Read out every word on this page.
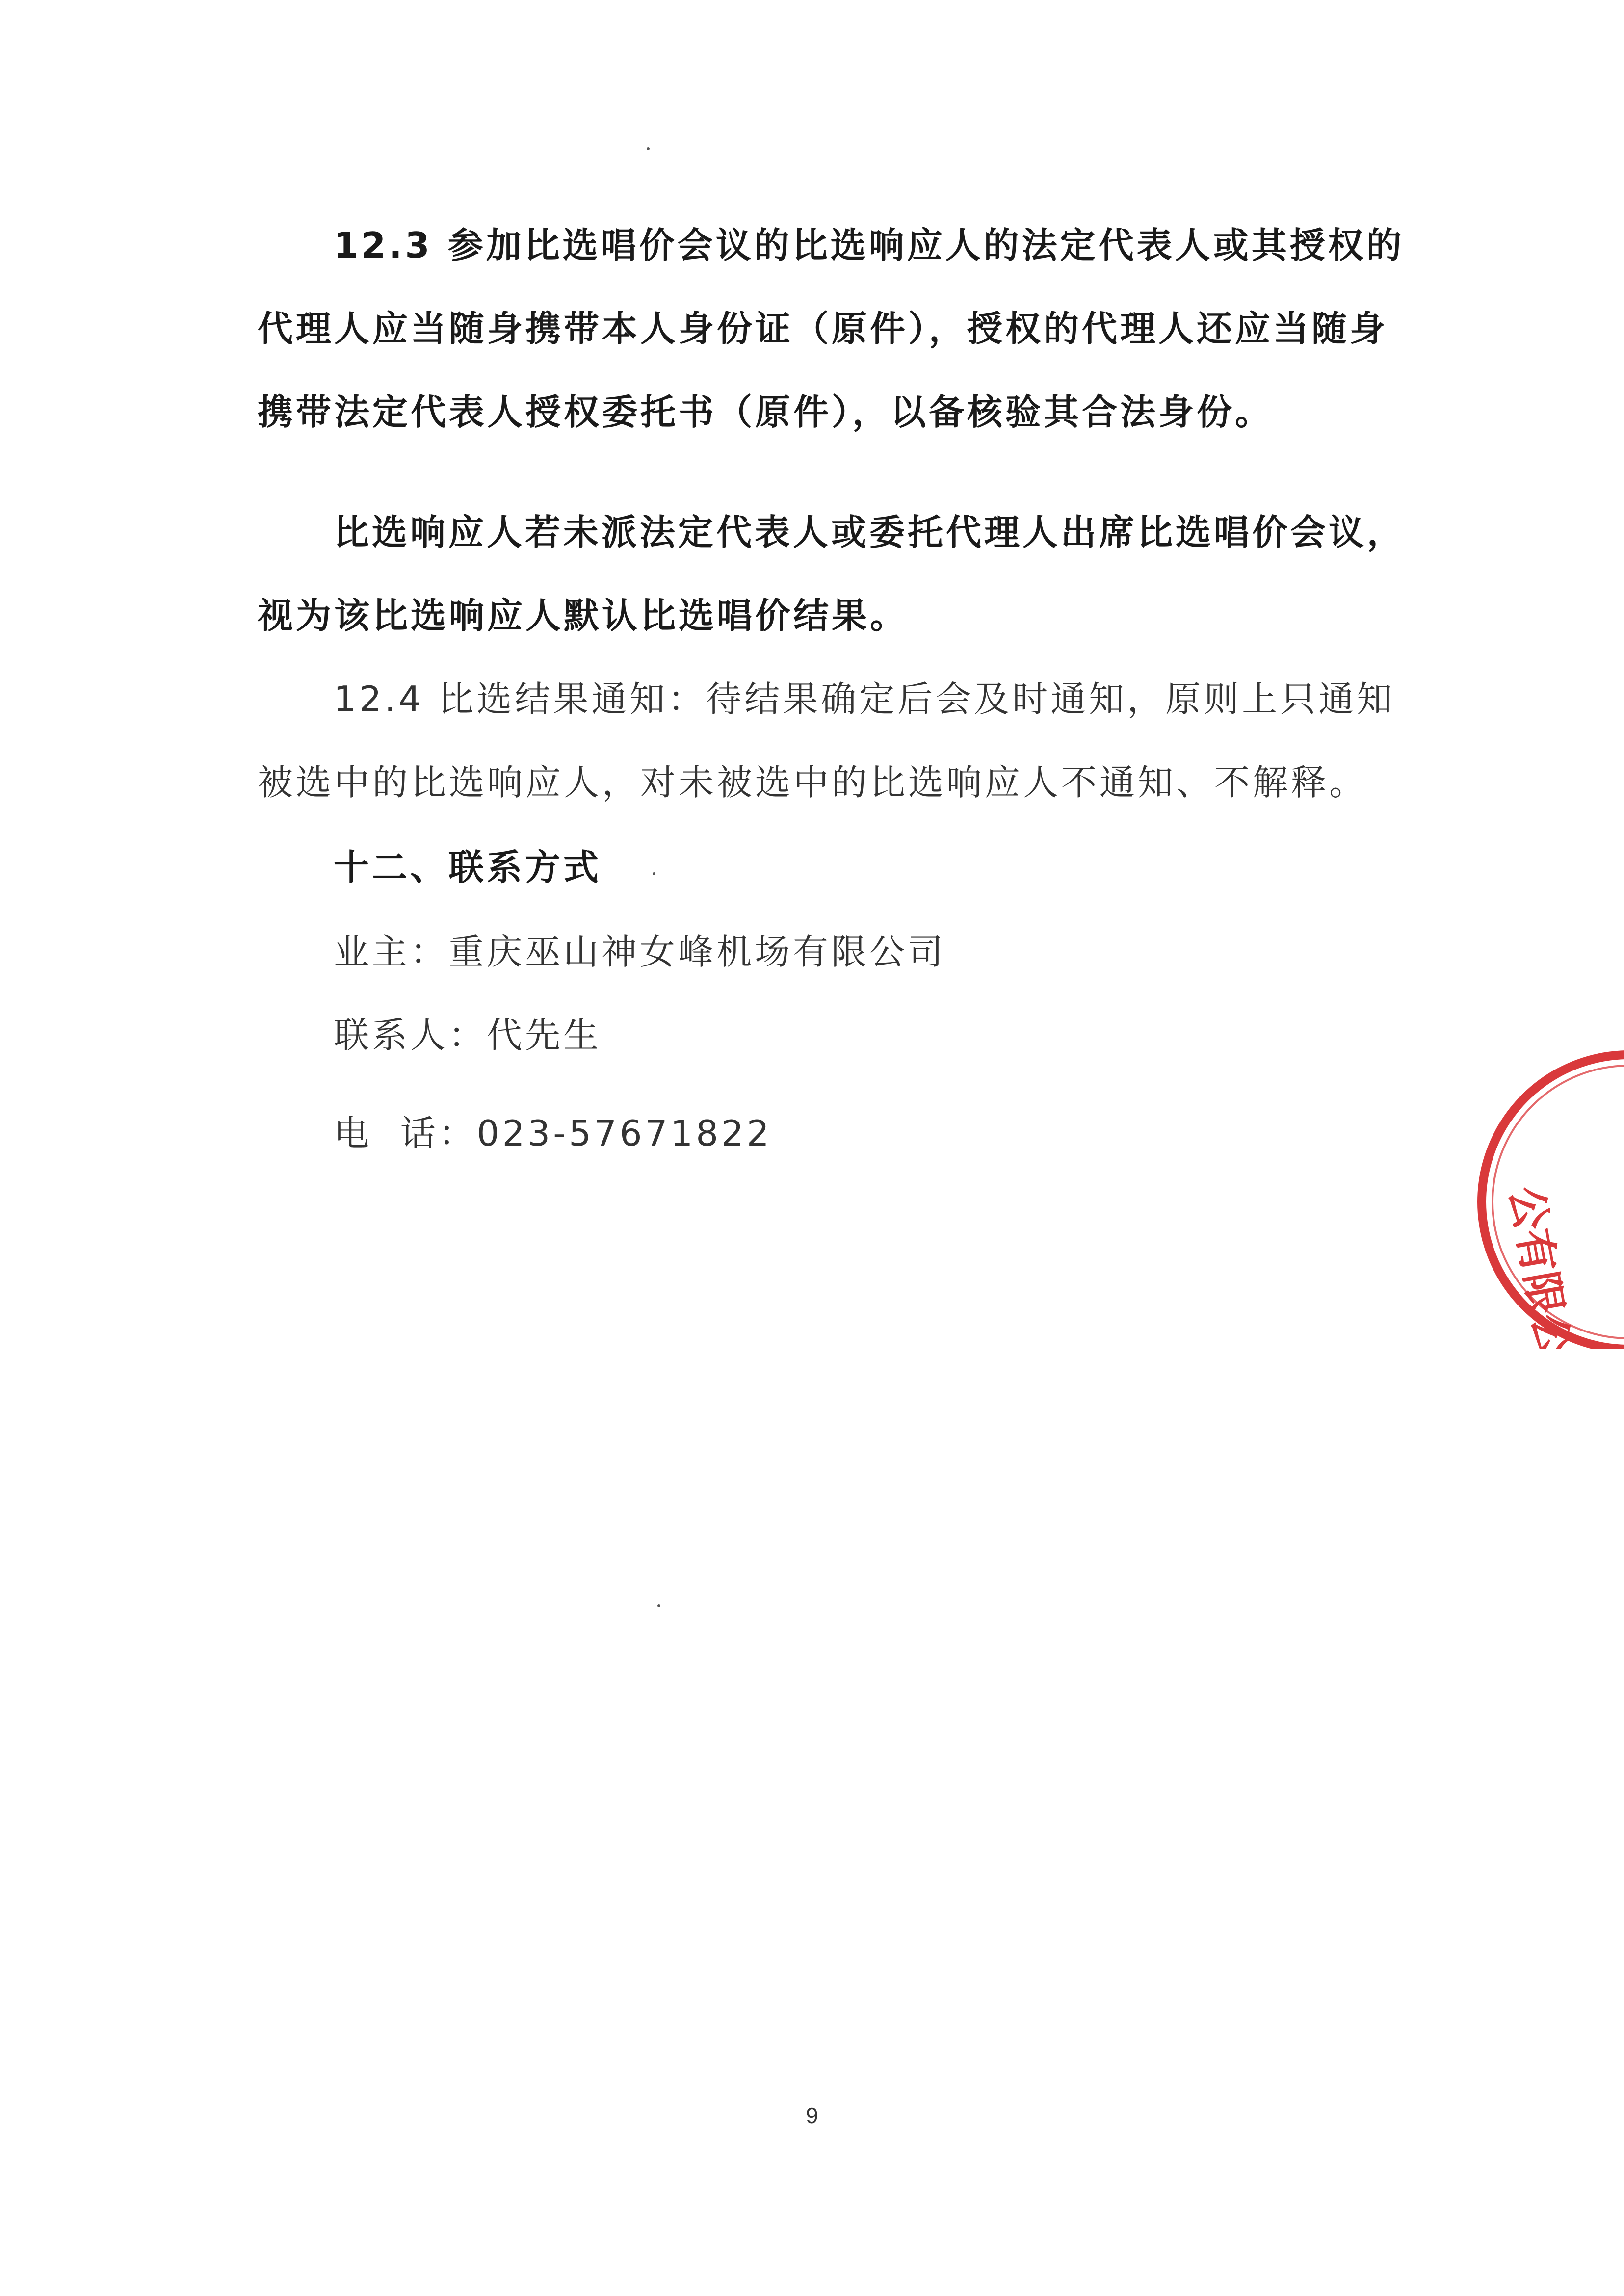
12.3 参加比选唱价会议的比选响应人的法定代表人或其授权的
代理人应当随身携带本人身份证（原件），授权的代理人还应当随身
携带法定代表人授权委托书（原件），以备核验其合法身份。
比选响应人若未派法定代表人或委托代理人出席比选唱价会议，
视为该比选响应人默认比选唱价结果。
12.4 比选结果通知：待结果确定后会及时通知，原则上只通知
被选中的比选响应人，对未被选中的比选响应人不通知、不解释。
十二、联系方式
业主：重庆巫山神女峰机场有限公司
联系人：代先生
电  话：023-57671822
公有限公司
9
